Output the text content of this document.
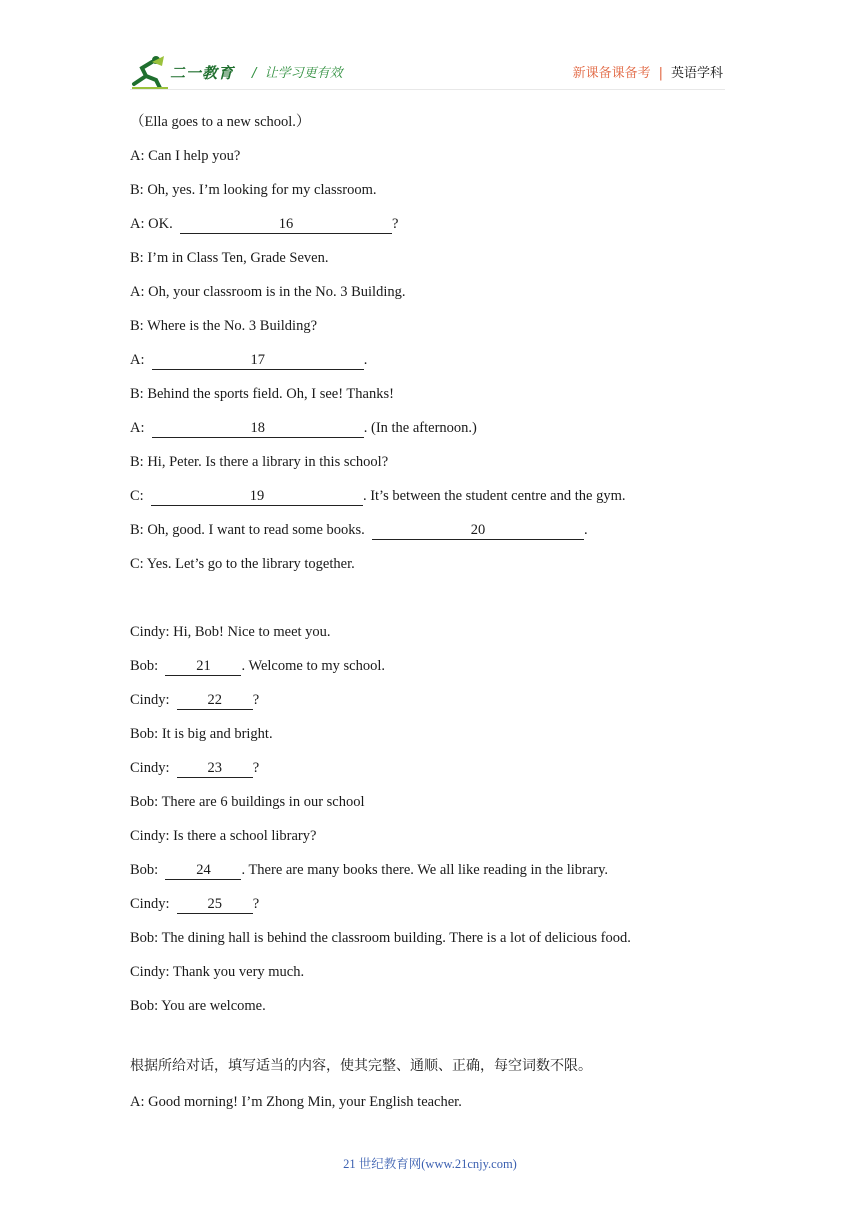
二一教育 /  让学习更有效	新课备课备考 | 英语学科
（Ella goes to a new school.）
A: Can I help you?
B: Oh, yes. I’m looking for my classroom.
A: OK.	16	?
B: I’m in Class Ten, Grade Seven.
A: Oh, your classroom is in the No. 3 Building.
B: Where is the No. 3 Building?
A:	17	.
B: Behind the sports field. Oh, I see! Thanks!
A:	18	. (In the afternoon.)
B: Hi, Peter. Is there a library in this school?
C:	19	. It’s between the student centre and the gym.
B: Oh, good. I want to read some books.	20	.
C: Yes. Let’s go to the library together.
Cindy: Hi, Bob! Nice to meet you.
Bob:	21 . Welcome to my school.
Cindy:	22 ?
Bob: It is big and bright.
Cindy:	23 ?
Bob: There are 6 buildings in our school
Cindy: Is there a school library?
Bob:	24 . There are many books there. We all like reading in the library.
Cindy:	25 ?
Bob: The dining hall is behind the classroom building. There is a lot of delicious food.
Cindy: Thank you very much.
Bob: You are welcome.
根据所给对话，填写适当的内容，使其完整、通顺、正确，每空词数不限。
A: Good morning! I’m Zhong Min, your English teacher.
21 世纪教育网(www.21cnjy.com)
